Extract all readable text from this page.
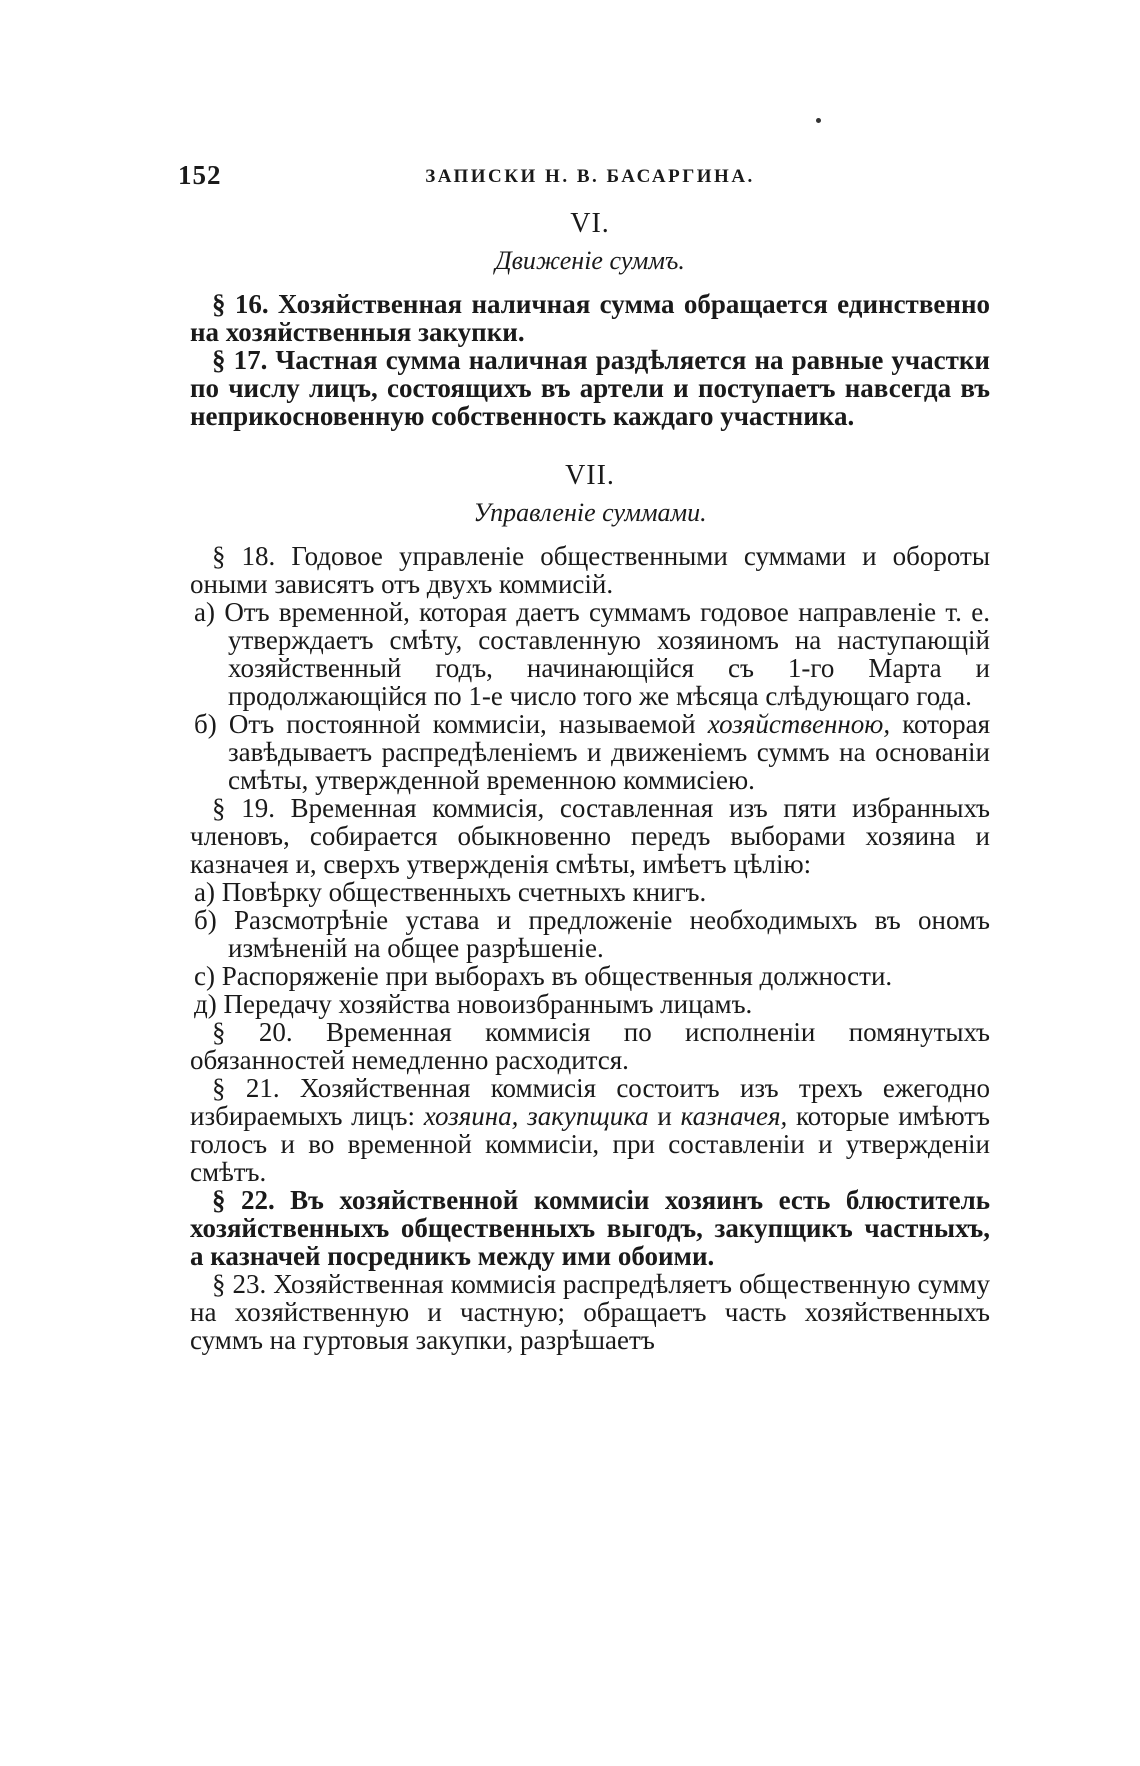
152	ЗАПИСКИ Н. В. БАСАРГИНА.
VI.
Движеніе суммъ.

§ 16. Хозяйственная наличная сумма обращается единственно на хозяйственныя закупки.

§ 17. Частная сумма наличная раздѣляется на равные участки по числу лицъ, состоящихъ въ артели и поступаетъ навсегда въ неприкосновенную собственность каждаго участника.

VII.
Управленіе суммами.

§ 18. Годовое управленіе общественными суммами и обороты оными зависятъ отъ двухъ коммисій.

а) Отъ временной, которая даетъ суммамъ годовое направленіе т. е. утверждаетъ смѣту, составленную хозяиномъ на наступающій хозяйственный годъ, начинающійся съ 1-го Марта и продолжающійся по 1-е число того же мѣсяца слѣдующаго года.

б) Отъ постоянной коммисіи, называемой хозяйственною, которая завѣдываетъ распредѣленіемъ и движеніемъ суммъ на основаніи смѣты, утвержденной временною коммисіею.

§ 19. Временная коммисія, составленная изъ пяти избранныхъ членовъ, собирается обыкновенно передъ выборами хозяина и казначея и, сверхъ утвержденія смѣты, имѣетъ цѣлію:

а) Повѣрку общественныхъ счетныхъ книгъ.

б) Разсмотрѣніе устава и предложеніе необходимыхъ въ ономъ измѣненій на общее разрѣшеніе.

с) Распоряженіе при выборахъ въ общественныя должности.

д) Передачу хозяйства новоизбраннымъ лицамъ.

§ 20. Временная коммисія по исполненіи помянутыхъ обязанностей немедленно расходится.

§ 21. Хозяйственная коммисія состоитъ изъ трехъ ежегодно избираемыхъ лицъ: хозяина, закупщика и казначея, которые имѣютъ голосъ и во временной коммисіи, при составленіи и утвержденіи смѣтъ.

§ 22. Въ хозяйственной коммисіи хозяинъ есть блюститель хозяйственныхъ общественныхъ выгодъ, закупщикъ частныхъ, а казначей посредникъ между ими обоими.

§ 23. Хозяйственная коммисія распредѣляетъ общественную сумму на хозяйственную и частную; обращаетъ часть хозяйственныхъ суммъ на гуртовыя закупки, разрѣшаетъ
